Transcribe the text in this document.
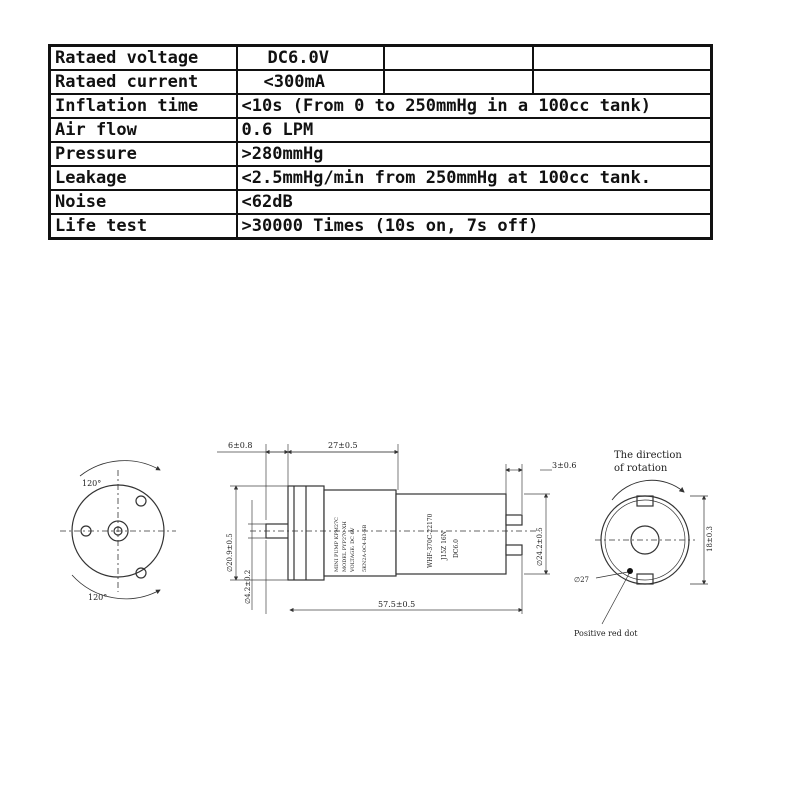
Rataed voltage	DC6.0V		
Rataed current	<300mA		
Inflation time	<10s (From 0 to 250mmHg in a 100cc tank)		
Air flow	0.6 LPM		
Pressure	>280mmHg		
Leakage	<2.5mmHg/min from 250mmHg at 100cc tank.		
Noise	<62dB		
Life test	>30000 Times (10s on, 7s off)		
120°
120°
6±0.8	27±0.5
57.5±0.5
3±0.6
∅20.9±0.5
∅4.2±0.2
∅24.2±0.5
MINI PUMP KPM27C MODEL PYP270-XH VOLTAGE: DC 6V 5KN2A-0C4-B3-SB	WHF-370C-22170 J15Z 16N DC6.0
The direction
of rotation
18±0.3
∅27
Positive red dot
